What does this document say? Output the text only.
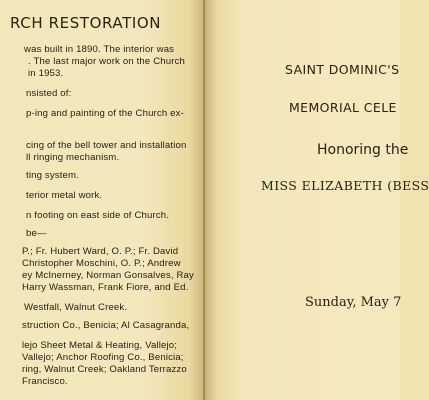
RCH RESTORATION
was built in 1890. The interior was
. The last major work on the Church
in 1953.
nsisted of:
p-ing and painting of the Church ex-
cing of the bell tower and installation
ll ringing mechanism.
ting system.
terior metal work.
n footing on east side of Church.
be—
P.; Fr. Hubert Ward, O. P.; Fr. David
Christopher Moschini, O. P.; Andrew
ey McInerney, Norman Gonsalves, Ray
Harry Wassman, Frank Fiore, and Ed.
Westfall, Walnut Creek.
struction Co., Benicia; Al Casagranda,
lejo Sheet Metal & Heating, Vallejo;
Vallejo; Anchor Roofing Co., Benicia;
ring, Walnut Creek; Oakland Terrazzo
Francisco.
SAINT DOMINIC'S
MEMORIAL CELE
Honoring the
MISS ELIZABETH (BESS
Sunday, May 7
